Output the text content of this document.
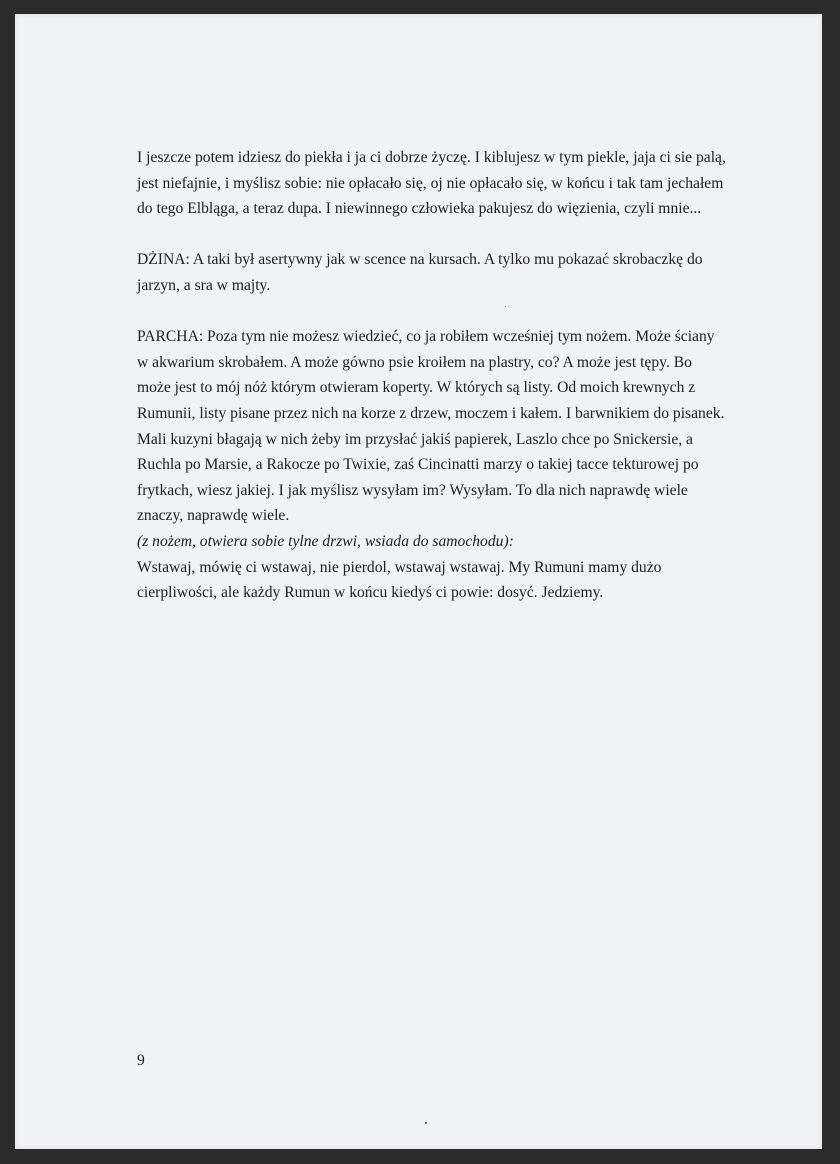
I jeszcze potem idziesz do piekła i ja ci dobrze życzę. I kiblujesz w tym piekle, jaja ci sie palą,
jest niefajnie, i myślisz sobie: nie opłacało się, oj nie opłacało się, w końcu i tak tam jechałem
do tego Elbląga, a teraz dupa. I niewinnego człowieka pakujesz do więzienia, czyli mnie...
DŻINA: A taki był asertywny jak w scence na kursach. A tylko mu pokazać skrobaczkę do
jarzyn, a sra w majty.
PARCHA: Poza tym nie możesz wiedzieć, co ja robiłem wcześniej tym nożem. Może ściany
w akwarium skrobałem. A może gówno psie kroiłem na plastry, co? A może jest tępy. Bo
może jest to mój nóż którym otwieram koperty. W których są listy. Od moich krewnych z
Rumunii, listy pisane przez nich na korze z drzew, moczem i kałem. I barwnikiem do pisanek.
Mali kuzyni błagają w nich żeby im przysłać jakiś papierek, Laszlo chce po Snickersie, a
Ruchla po Marsie, a Rakocze po Twixie, zaś Cincinatti marzy o takiej tacce tekturowej po
frytkach, wiesz jakiej. I jak myślisz wysyłam im? Wysyłam. To dla nich naprawdę wiele
znaczy, naprawdę wiele.
(z nożem, otwiera sobie tylne drzwi, wsiada do samochodu):
Wstawaj, mówię ci wstawaj, nie pierdol, wstawaj wstawaj. My Rumuni mamy dużo
cierpliwości, ale każdy Rumun w końcu kiedyś ci powie: dosyć. Jedziemy.
9
